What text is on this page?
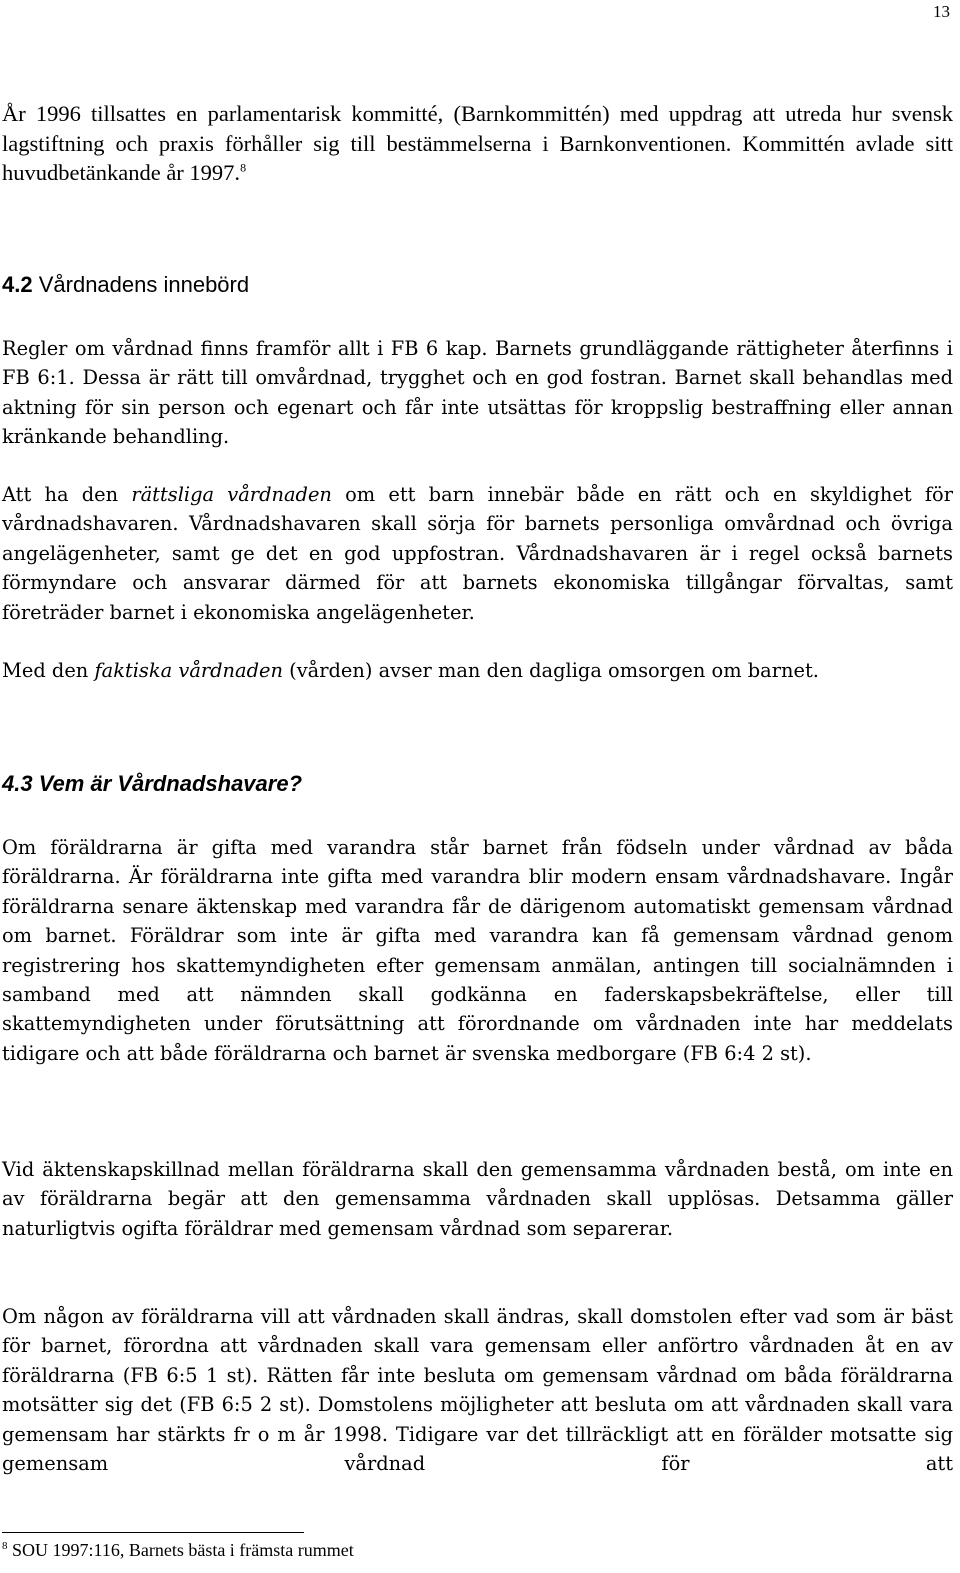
13

År 1996 tillsattes en parlamentarisk kommitté, (Barnkommittén) med uppdrag att utreda hur svensk lagstiftning och praxis förhåller sig till bestämmelserna i Barnkonventionen. Kommittén avlade sitt huvudbetänkande år 1997.$^8$

4.2 Vårdnadens innebörd

Regler om vårdnad finns framför allt i FB 6 kap. Barnets grundläggande rättigheter återfinns i FB 6:1. Dessa är rätt till omvårdnad, trygghet och en god fostran. Barnet skall behandlas med aktning för sin person och egenart och får inte utsättas för kroppslig bestraffning eller annan kränkande behandling.

Att ha den rättsliga vårdnaden om ett barn innebär både en rätt och en skyldighet för vårdnadshavaren. Vårdnadshavaren skall sörja för barnets personliga omvårdnad och övriga angelägenheter, samt ge det en god uppfostran. Vårdnadshavaren är i regel också barnets förmyndare och ansvarar därmed för att barnets ekonomiska tillgångar förvaltas, samt företräder barnet i ekonomiska angelägenheter.

Med den faktiska vårdnaden (vården) avser man den dagliga omsorgen om barnet.

4.3 Vem är Vårdnadshavare?

Om föräldrarna är gifta med varandra står barnet från födseln under vårdnad av båda föräldrarna. Är föräldrarna inte gifta med varandra blir modern ensam vårdnadshavare. Ingår föräldrarna senare äktenskap med varandra får de därigenom automatiskt gemensam vårdnad om barnet. Föräldrar som inte är gifta med varandra kan få gemensam vårdnad genom registrering hos skattemyndigheten efter gemensam anmälan, antingen till socialnämnden i samband med att nämnden skall godkänna en faderskapsbekräftelse, eller till skattemyndigheten under förutsättning att förordnande om vårdnaden inte har meddelats tidigare och att både föräldrarna och barnet är svenska medborgare (FB 6:4 2 st).

Vid äktenskapskillnad mellan föräldrarna skall den gemensamma vårdnaden bestå, om inte en av föräldrarna begär att den gemensamma vårdnaden skall upplösas. Detsamma gäller naturligtvis ogifta föräldrar med gemensam vårdnad som separerar.

Om någon av föräldrarna vill att vårdnaden skall ändras, skall domstolen efter vad som är bäst för barnet, förordna att vårdnaden skall vara gemensam eller anförtro vårdnaden åt en av föräldrarna (FB 6:5 1 st). Rätten får inte besluta om gemensam vårdnad om båda föräldrarna motsätter sig det (FB 6:5 2 st). Domstolens möjligheter att besluta om att vårdnaden skall vara gemensam har stärkts fr o m år 1998. Tidigare var det tillräckligt att en förälder motsatte sig gemensam vårdnad för att

$^8$ SOU 1997:116, Barnets bästa i främsta rummet
